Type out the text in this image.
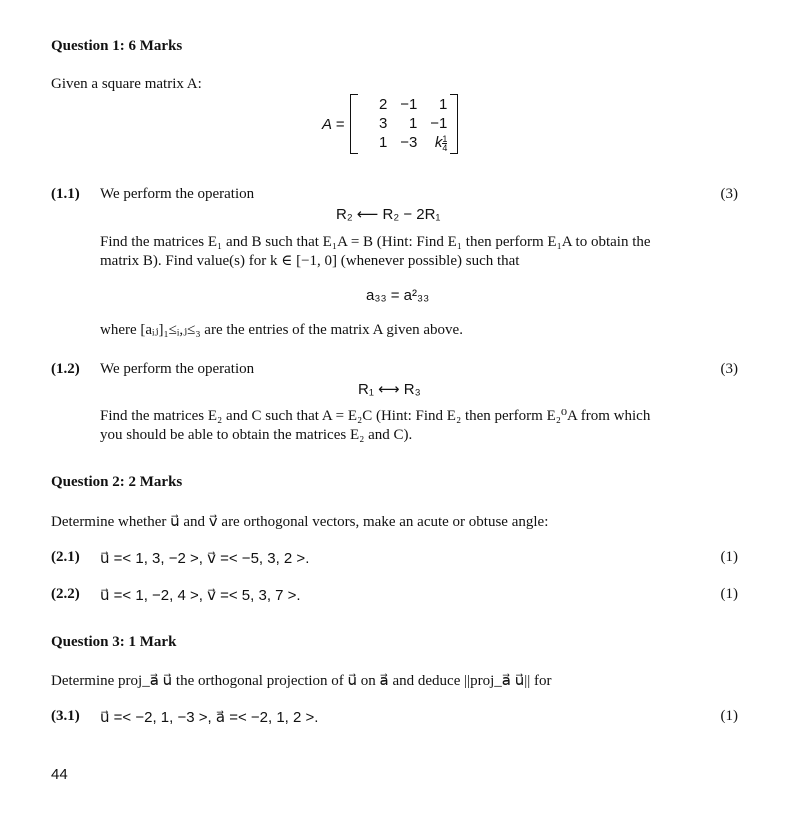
Question 1: 6 Marks
Given a square matrix A:
A =
2 −1	1
3	1 −1
1 −3	k $\frac{1}{4}$
(1.1) We perform the operation	(3)
R₂ ⟵ R₂ − 2R₁
Find the matrices E₁ and B such that E₁A = B (Hint: Find E₁ then perform E₁A to obtain the
matrix B). Find value(s) for k ∈ [−1, 0] (whenever possible) such that
a₃₃ = a²₃₃
where [aᵢⱼ]₁≤ᵢ,ⱼ≤₃ are the entries of the matrix A given above.
(1.2) We perform the operation	(3)
R₁ ⟷ R₃
Find the matrices E₂ and C such that A = E₂C (Hint: Find E₂ then perform E₂⁰A from which
you should be able to obtain the matrices E₂ and C).
Question 2: 2 Marks
Determine whether u⃗ and v⃗ are orthogonal vectors, make an acute or obtuse angle:
(2.1) u⃗ =< 1, 3, −2 >, v⃗ =< −5, 3, 2 >.	(1)
(2.2) u⃗ =< 1, −2, 4 >, v⃗ =< 5, 3, 7 >.	(1)
Question 3: 1 Mark
Determine proj_a⃗ u⃗ the orthogonal projection of u⃗ on a⃗ and deduce ||proj_a⃗ u⃗|| for
(3.1) u⃗ =< −2, 1, −3 >, a⃗ =< −2, 1, 2 >.	(1)
44
